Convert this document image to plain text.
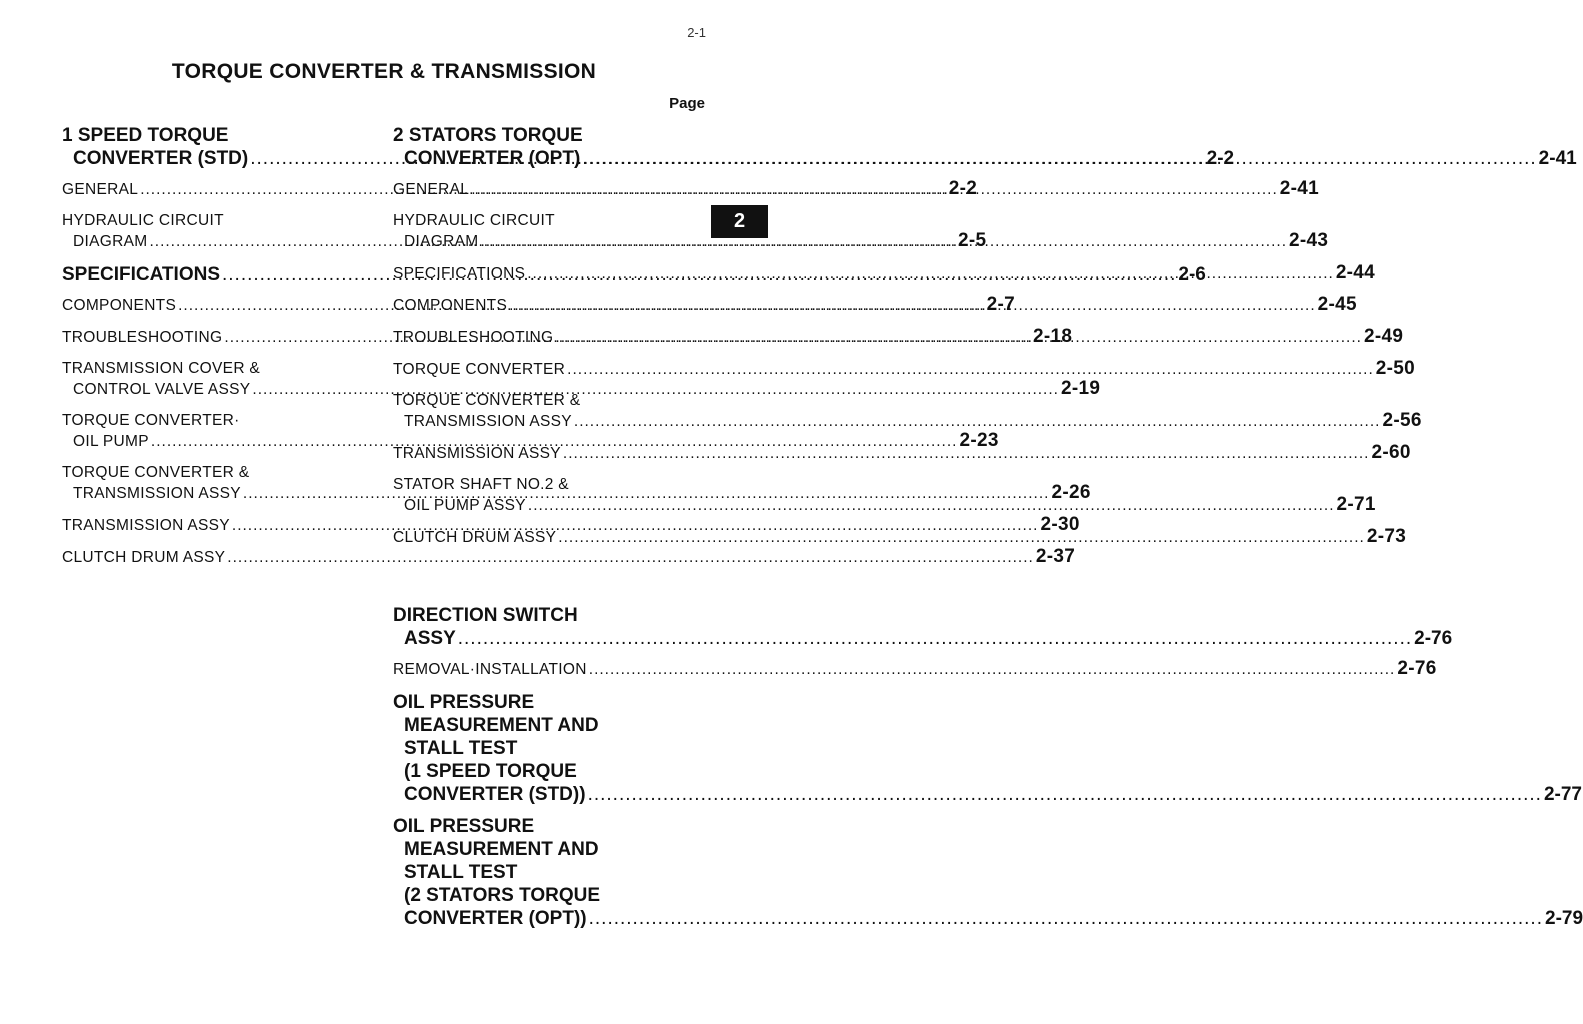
2-1
TORQUE CONVERTER & TRANSMISSION
Page
2
1 SPEED TORQUE
CONVERTER (STD) .....	2-2
GENERAL .....	2-2
HYDRAULIC CIRCUIT
DIAGRAM .....	2-5
SPECIFICATIONS .....	2-6
COMPONENTS .....	2-7
TROUBLESHOOTING .....	2-18
TRANSMISSION COVER &
CONTROL VALVE ASSY .....	2-19
TORQUE CONVERTER·
OIL PUMP .....	2-23
TORQUE CONVERTER &
TRANSMISSION ASSY .....	2-26
TRANSMISSION ASSY .....	2-30
CLUTCH DRUM ASSY .....	2-37
2 STATORS TORQUE
CONVERTER (OPT) .....	2-41
GENERAL .....	2-41
HYDRAULIC CIRCUIT
DIAGRAM .....	2-43
SPECIFICATIONS .....	2-44
COMPONENTS .....	2-45
TROUBLESHOOTING .....	2-49
TORQUE CONVERTER .....	2-50
TORQUE CONVERTER &
TRANSMISSION ASSY .....	2-56
TRANSMISSION ASSY .....	2-60
STATOR SHAFT NO.2 &
OIL PUMP ASSY .....	2-71
CLUTCH DRUM ASSY .....	2-73
DIRECTION SWITCH
ASSY .....	2-76
REMOVAL·INSTALLATION .....	2-76
OIL PRESSURE
MEASUREMENT AND
STALL TEST
(1 SPEED TORQUE
CONVERTER (STD)) .....	2-77
OIL PRESSURE
MEASUREMENT AND
STALL TEST
(2 STATORS TORQUE
CONVERTER (OPT)) .....	2-79
